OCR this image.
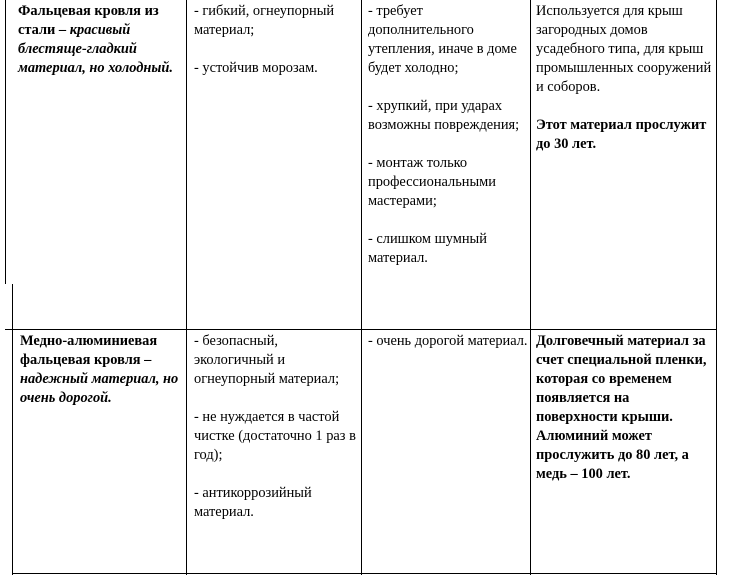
Фальцевая кровля из стали – красивый блестяще-гладкий материал, но холодный.

- гибкий, огнеупорный материал;

- устойчив морозам.

- требует дополнительного утепления, иначе в доме будет холодно;

- хрупкий, при ударах возможны повреждения;

- монтаж только профессиональными мастерами;

- слишком шумный материал.

Используется для крыш загородных домов усадебного типа, для крыш промышленных сооружений и соборов.

Этот материал прослужит до 30 лет.

Медно-алюминиевая фальцевая кровля – надежный материал, но очень дорогой.

- безопасный, экологичный и огнеупорный материал;

- не нуждается в частой чистке (достаточно 1 раз в год);

- антикоррозийный материал.

- очень дорогой материал. Долговечный материал за счет специальной пленки, которая со временем появляется на поверхности крыши. Алюминий может прослужить до 80 лет, а медь – 100 лет.
